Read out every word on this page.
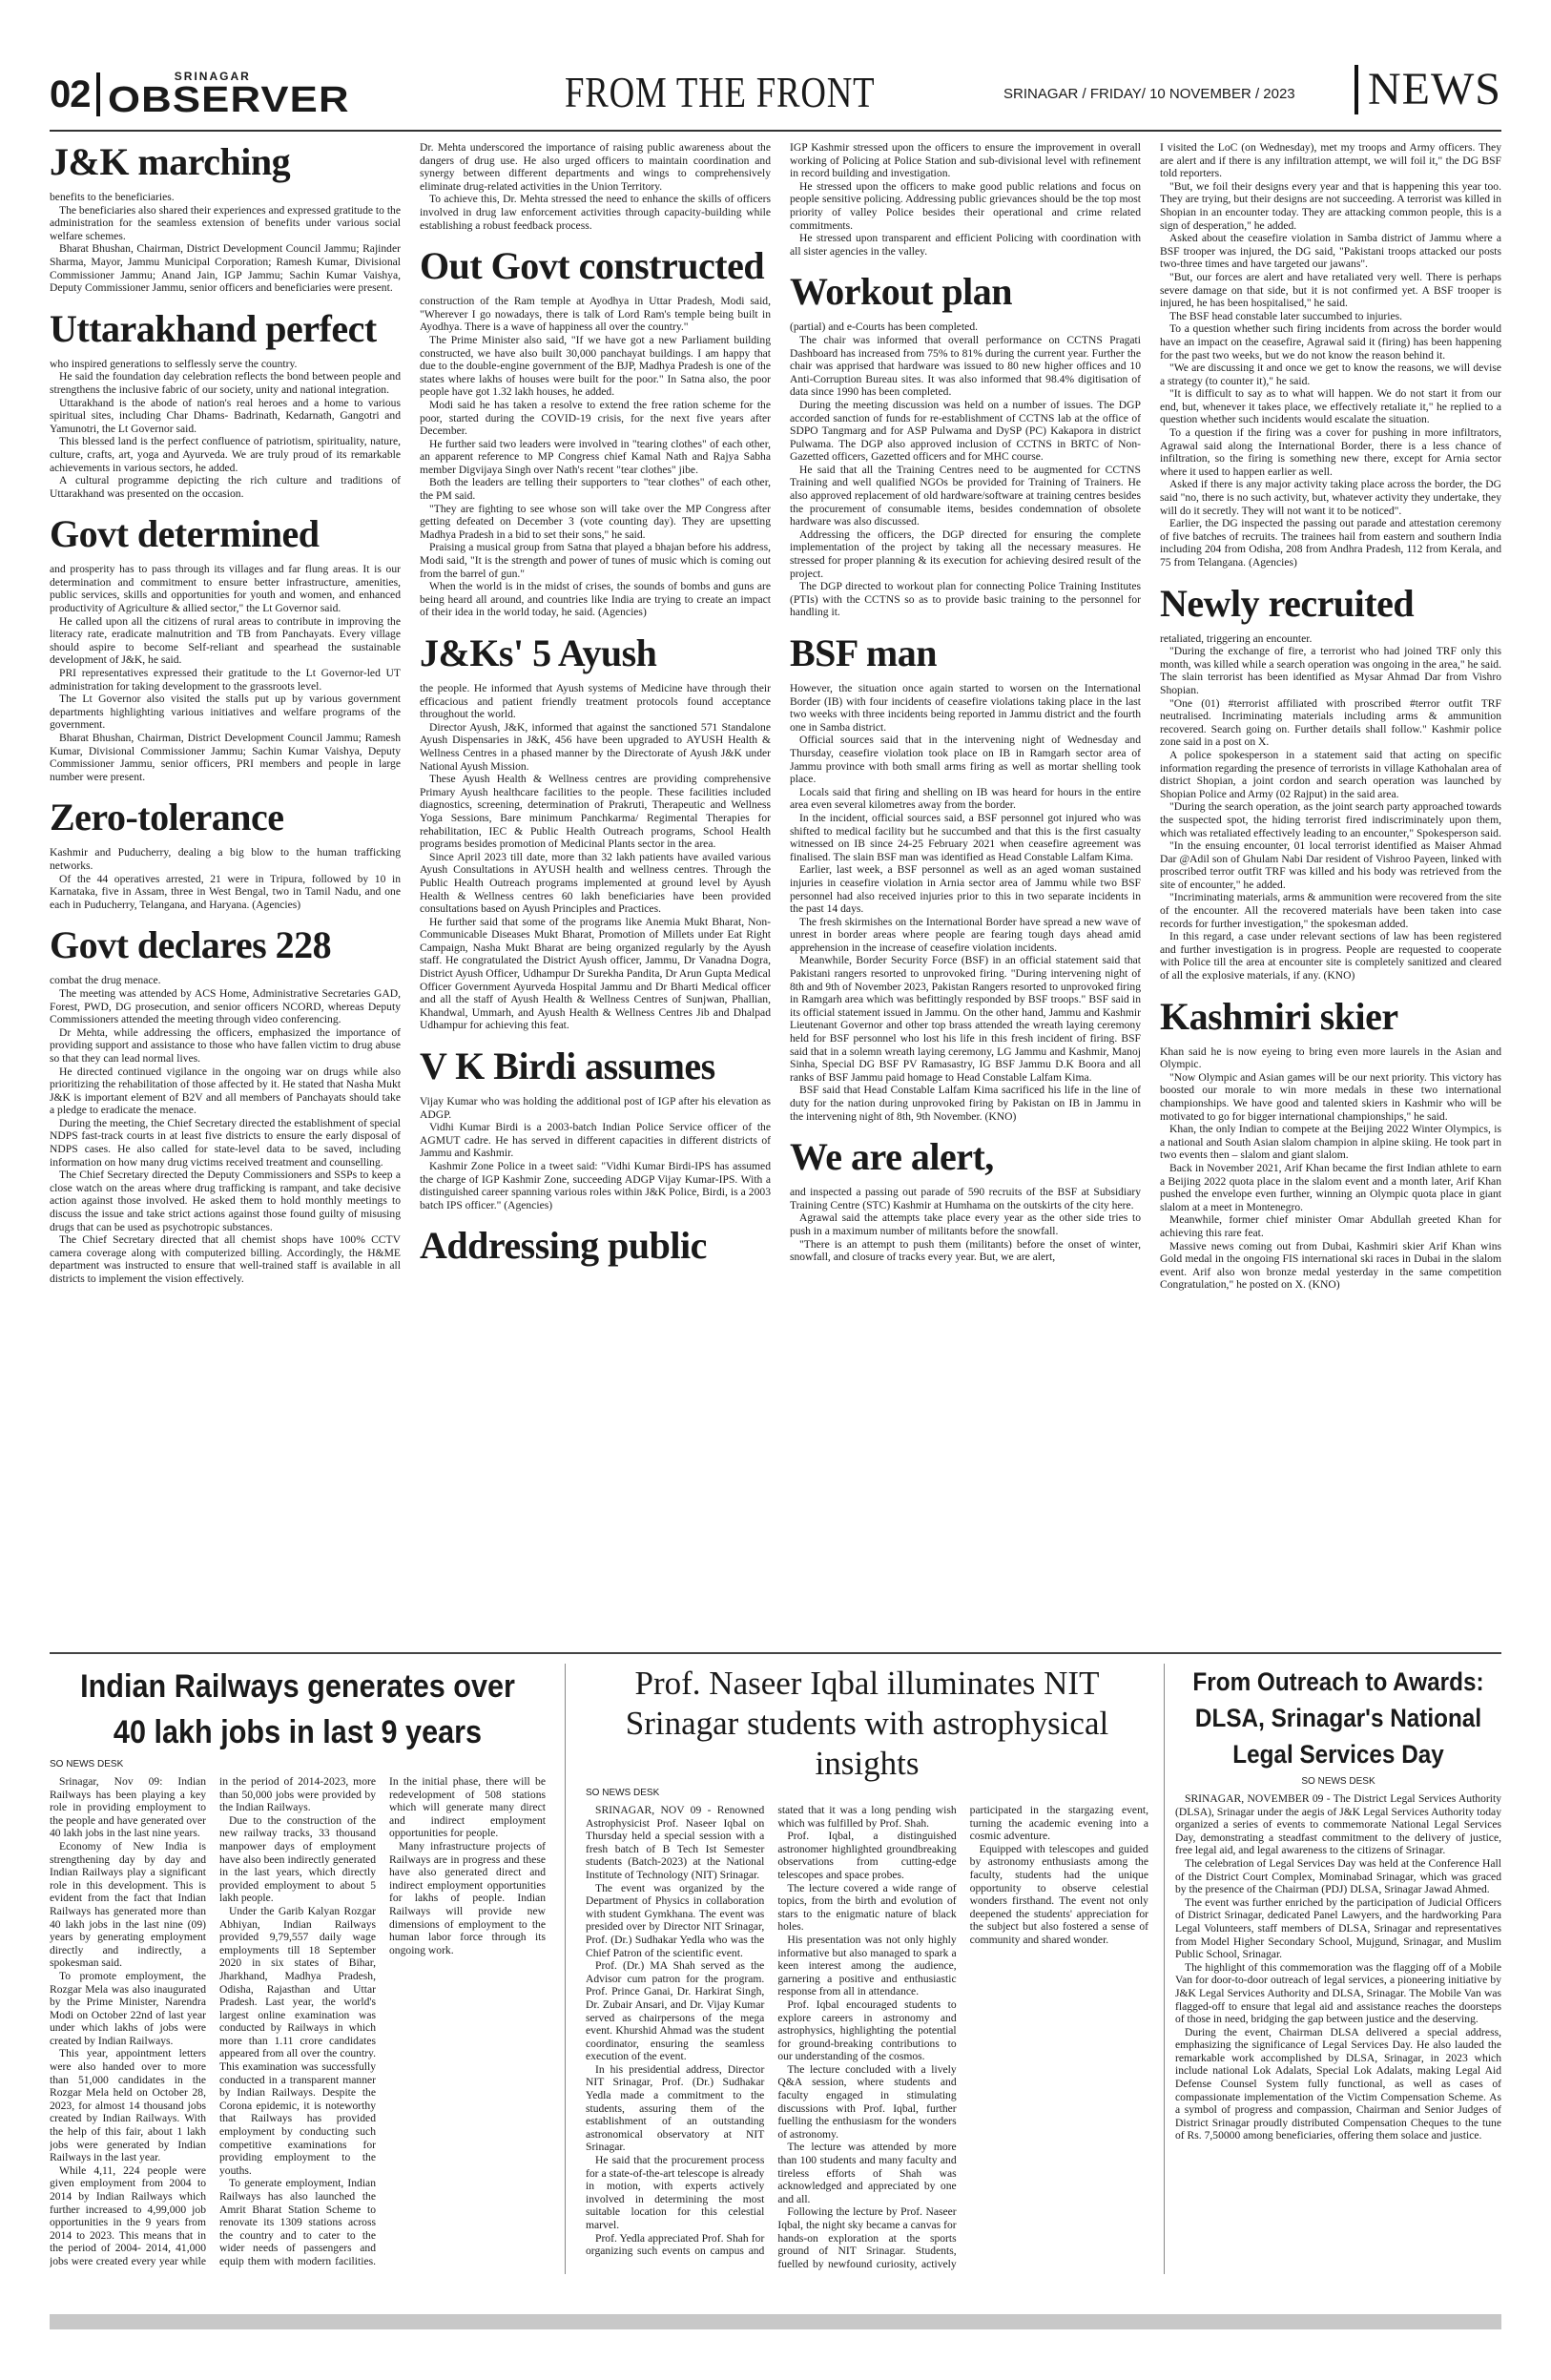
02	SRINAGAR
OBSERVER	FROM THE FRONT	SRINAGAR / FRIDAY/ 10 NOVEMBER / 2023 NEWS
J&K marching

benefits to the beneficiaries.

The beneficiaries also shared their experiences and expressed gratitude to the administration for the seamless extension of benefits under various social welfare schemes.

Bharat Bhushan, Chairman, District Development Council Jammu; Rajinder Sharma, Mayor, Jammu Municipal Corporation; Ramesh Kumar, Divisional Commissioner Jammu; Anand Jain, IGP Jammu; Sachin Kumar Vaishya, Deputy Commissioner Jammu, senior officers and beneficiaries were present.

Uttarakhand perfect

who inspired generations to selflessly serve the country.

He said the foundation day celebration reflects the bond between people and strengthens the inclusive fabric of our society, unity and national integration.

Uttarakhand is the abode of nation's real heroes and a home to various spiritual sites, including Char Dhams- Badrinath, Kedarnath, Gangotri and Yamunotri, the Lt Governor said.

This blessed land is the perfect confluence of patriotism, spirituality, nature, culture, crafts, art, yoga and Ayurveda. We are truly proud of its remarkable achievements in various sectors, he added.

A cultural programme depicting the rich culture and traditions of Uttarakhand was presented on the occasion.

Govt determined

and prosperity has to pass through its villages and far flung areas. It is our determination and commitment to ensure better infrastructure, amenities, public services, skills and opportunities for youth and women, and enhanced productivity of Agriculture & allied sector," the Lt Governor said.

He called upon all the citizens of rural areas to contribute in improving the literacy rate, eradicate malnutrition and TB from Panchayats. Every village should aspire to become Self-reliant and spearhead the sustainable development of J&K, he said.

PRI representatives expressed their gratitude to the Lt Governor-led UT administration for taking development to the grassroots level.

The Lt Governor also visited the stalls put up by various government departments highlighting various initiatives and welfare programs of the government.

Bharat Bhushan, Chairman, District Development Council Jammu; Ramesh Kumar, Divisional Commissioner Jammu; Sachin Kumar Vaishya, Deputy Commissioner Jammu, senior officers, PRI members and people in large number were present.

Zero-tolerance

Kashmir and Puducherry, dealing a big blow to the human trafficking networks.

Of the 44 operatives arrested, 21 were in Tripura, followed by 10 in Karnataka, five in Assam, three in West Bengal, two in Tamil Nadu, and one each in Puducherry, Telangana, and Haryana. (Agencies)

Govt declares 228

combat the drug menace.

The meeting was attended by ACS Home, Administrative Secretaries GAD, Forest, PWD, DG prosecution, and senior officers NCORD, whereas Deputy Commissioners attended the meeting through video conferencing.

Dr Mehta, while addressing the officers, emphasized the importance of providing support and assistance to those who have fallen victim to drug abuse so that they can lead normal lives.

He directed continued vigilance in the ongoing war on drugs while also prioritizing the rehabilitation of those affected by it. He stated that Nasha Mukt J&K is important element of B2V and all members of Panchayats should take a pledge to eradicate the menace.

During the meeting, the Chief Secretary directed the establishment of special NDPS fast-track courts in at least five districts to ensure the early disposal of NDPS cases. He also called for state-level data to be saved, including information on how many drug victims received treatment and counselling.

The Chief Secretary directed the Deputy Commissioners and SSPs to keep a close watch on the areas where drug trafficking is rampant, and take decisive action against those involved. He asked them to hold monthly meetings to discuss the issue and take strict actions against those found guilty of misusing drugs that can be used as psychotropic substances.

The Chief Secretary directed that all chemist shops have 100% CCTV camera coverage along with computerized billing. Accordingly, the H&ME department was instructed to ensure that well-trained staff is available in all districts to implement the vision effectively.

Dr. Mehta underscored the importance of raising public awareness about the dangers of drug use. He also urged officers to maintain coordination and synergy between different departments and wings to comprehensively eliminate drug-related activities in the Union Territory.

To achieve this, Dr. Mehta stressed the need to enhance the skills of officers involved in drug law enforcement activities through capacity-building while establishing a robust feedback process.

Out Govt constructed

construction of the Ram temple at Ayodhya in Uttar Pradesh, Modi said, "Wherever I go nowadays, there is talk of Lord Ram's temple being built in Ayodhya. There is a wave of happiness all over the country."

The Prime Minister also said, "If we have got a new Parliament building constructed, we have also built 30,000 panchayat buildings. I am happy that due to the double-engine government of the BJP, Madhya Pradesh is one of the states where lakhs of houses were built for the poor." In Satna also, the poor people have got 1.32 lakh houses, he added.

Modi said he has taken a resolve to extend the free ration scheme for the poor, started during the COVID-19 crisis, for the next five years after December.

He further said two leaders were involved in "tearing clothes" of each other, an apparent reference to MP Congress chief Kamal Nath and Rajya Sabha member Digvijaya Singh over Nath's recent "tear clothes" jibe.

Both the leaders are telling their supporters to "tear clothes" of each other, the PM said.

"They are fighting to see whose son will take over the MP Congress after getting defeated on December 3 (vote counting day). They are upsetting Madhya Pradesh in a bid to set their sons," he said.

Praising a musical group from Satna that played a bhajan before his address, Modi said, "It is the strength and power of tunes of music which is coming out from the barrel of gun."

When the world is in the midst of crises, the sounds of bombs and guns are being heard all around, and countries like India are trying to create an impact of their idea in the world today, he said. (Agencies)

J&Ks' 5 Ayush

the people. He informed that Ayush systems of Medicine have through their efficacious and patient friendly treatment protocols found acceptance throughout the world.

Director Ayush, J&K, informed that against the sanctioned 571 Standalone Ayush Dispensaries in J&K, 456 have been upgraded to AYUSH Health & Wellness Centres in a phased manner by the Directorate of Ayush J&K under National Ayush Mission.

These Ayush Health & Wellness centres are providing comprehensive Primary Ayush healthcare facilities to the people. These facilities included diagnostics, screening, determination of Prakruti, Therapeutic and Wellness Yoga Sessions, Bare minimum Panchkarma/ Regimental Therapies for rehabilitation, IEC & Public Health Outreach programs, School Health programs besides promotion of Medicinal Plants sector in the area.

Since April 2023 till date, more than 32 lakh patients have availed various Ayush Consultations in AYUSH health and wellness centres. Through the Public Health Outreach programs implemented at ground level by Ayush Health & Wellness centres 60 lakh beneficiaries have been provided consultations based on Ayush Principles and Practices.

He further said that some of the programs like Anemia Mukt Bharat, Non-Communicable Diseases Mukt Bharat, Promotion of Millets under Eat Right Campaign, Nasha Mukt Bharat are being organized regularly by the Ayush staff. He congratulated the District Ayush officer, Jammu, Dr Vanadna Dogra, District Ayush Officer, Udhampur Dr Surekha Pandita, Dr Arun Gupta Medical Officer Government Ayurveda Hospital Jammu and Dr Bharti Medical officer and all the staff of Ayush Health & Wellness Centres of Sunjwan, Phallian, Khandwal, Ummarh, and Ayush Health & Wellness Centres Jib and Dhalpad Udhampur for achieving this feat.

V K Birdi assumes

Vijay Kumar who was holding the additional post of IGP after his elevation as ADGP.

Vidhi Kumar Birdi is a 2003-batch Indian Police Service officer of the AGMUT cadre. He has served in different capacities in different districts of Jammu and Kashmir.

Kashmir Zone Police in a tweet said: "Vidhi Kumar Birdi-IPS has assumed the charge of IGP Kashmir Zone, succeeding ADGP Vijay Kumar-IPS. With a distinguished career spanning various roles within J&K Police, Birdi, is a 2003 batch IPS officer." (Agencies)

Addressing public

IGP Kashmir stressed upon the officers to ensure the improvement in overall working of Policing at Police Station and sub-divisional level with refinement in record building and investigation.

He stressed upon the officers to make good public relations and focus on people sensitive policing. Addressing public grievances should be the top most priority of valley Police besides their operational and crime related commitments.

He stressed upon transparent and efficient Policing with coordination with all sister agencies in the valley.

Workout plan

(partial) and e-Courts has been completed.

The chair was informed that overall performance on CCTNS Pragati Dashboard has increased from 75% to 81% during the current year. Further the chair was apprised that hardware was issued to 80 new higher offices and 10 Anti-Corruption Bureau sites. It was also informed that 98.4% digitisation of data since 1990 has been completed.

During the meeting discussion was held on a number of issues. The DGP accorded sanction of funds for re-establishment of CCTNS lab at the office of SDPO Tangmarg and for ASP Pulwama and DySP (PC) Kakapora in district Pulwama. The DGP also approved inclusion of CCTNS in BRTC of Non-Gazetted officers, Gazetted officers and for MHC course.

He said that all the Training Centres need to be augmented for CCTNS Training and well qualified NGOs be provided for Training of Trainers. He also approved replacement of old hardware/software at training centres besides the procurement of consumable items, besides condemnation of obsolete hardware was also discussed.

Addressing the officers, the DGP directed for ensuring the complete implementation of the project by taking all the necessary measures. He stressed for proper planning & its execution for achieving desired result of the project.

The DGP directed to workout plan for connecting Police Training Institutes (PTIs) with the CCTNS so as to provide basic training to the personnel for handling it.

BSF man

However, the situation once again started to worsen on the International Border (IB) with four incidents of ceasefire violations taking place in the last two weeks with three incidents being reported in Jammu district and the fourth one in Samba district.

Official sources said that in the intervening night of Wednesday and Thursday, ceasefire violation took place on IB in Ramgarh sector area of Jammu province with both small arms firing as well as mortar shelling took place.

Locals said that firing and shelling on IB was heard for hours in the entire area even several kilometres away from the border.

In the incident, official sources said, a BSF personnel got injured who was shifted to medical facility but he succumbed and that this is the first casualty witnessed on IB since 24-25 February 2021 when ceasefire agreement was finalised. The slain BSF man was identified as Head Constable Lalfam Kima.

Earlier, last week, a BSF personnel as well as an aged woman sustained injuries in ceasefire violation in Arnia sector area of Jammu while two BSF personnel had also received injuries prior to this in two separate incidents in the past 14 days.

The fresh skirmishes on the International Border have spread a new wave of unrest in border areas where people are fearing tough days ahead amid apprehension in the increase of ceasefire violation incidents.

Meanwhile, Border Security Force (BSF) in an official statement said that Pakistani rangers resorted to unprovoked firing. "During intervening night of 8th and 9th of November 2023, Pakistan Rangers resorted to unprovoked firing in Ramgarh area which was befittingly responded by BSF troops." BSF said in its official statement issued in Jammu. On the other hand, Jammu and Kashmir Lieutenant Governor and other top brass attended the wreath laying ceremony held for BSF personnel who lost his life in this fresh incident of firing. BSF said that in a solemn wreath laying ceremony, LG Jammu and Kashmir, Manoj Sinha, Special DG BSF PV Ramasastry, IG BSF Jammu D.K Boora and all ranks of BSF Jammu paid homage to Head Constable Lalfam Kima.

BSF said that Head Constable Lalfam Kima sacrificed his life in the line of duty for the nation during unprovoked firing by Pakistan on IB in Jammu in the intervening night of 8th, 9th November. (KNO)

We are alert,

and inspected a passing out parade of 590 recruits of the BSF at Subsidiary Training Centre (STC) Kashmir at Humhama on the outskirts of the city here.

Agrawal said the attempts take place every year as the other side tries to push in a maximum number of militants before the snowfall.

"There is an attempt to push them (militants) before the onset of winter, snowfall, and closure of tracks every year. But, we are alert,

I visited the LoC (on Wednesday), met my troops and Army officers. They are alert and if there is any infiltration attempt, we will foil it," the DG BSF told reporters.

"But, we foil their designs every year and that is happening this year too. They are trying, but their designs are not succeeding. A terrorist was killed in Shopian in an encounter today. They are attacking common people, this is a sign of desperation," he added.

Asked about the ceasefire violation in Samba district of Jammu where a BSF trooper was injured, the DG said, "Pakistani troops attacked our posts two-three times and have targeted our jawans".

"But, our forces are alert and have retaliated very well. There is perhaps severe damage on that side, but it is not confirmed yet. A BSF trooper is injured, he has been hospitalised," he said.

The BSF head constable later succumbed to injuries.

To a question whether such firing incidents from across the border would have an impact on the ceasefire, Agrawal said it (firing) has been happening for the past two weeks, but we do not know the reason behind it.

"We are discussing it and once we get to know the reasons, we will devise a strategy (to counter it)," he said.

"It is difficult to say as to what will happen. We do not start it from our end, but, whenever it takes place, we effectively retaliate it," he replied to a question whether such incidents would escalate the situation.

To a question if the firing was a cover for pushing in more infiltrators, Agrawal said along the International Border, there is a less chance of infiltration, so the firing is something new there, except for Arnia sector where it used to happen earlier as well.

Asked if there is any major activity taking place across the border, the DG said "no, there is no such activity, but, whatever activity they undertake, they will do it secretly. They will not want it to be noticed".

Earlier, the DG inspected the passing out parade and attestation ceremony of five batches of recruits. The trainees hail from eastern and southern India including 204 from Odisha, 208 from Andhra Pradesh, 112 from Kerala, and 75 from Telangana. (Agencies)

Newly recruited

retaliated, triggering an encounter.

"During the exchange of fire, a terrorist who had joined TRF only this month, was killed while a search operation was ongoing in the area," he said. The slain terrorist has been identified as Mysar Ahmad Dar from Vishro Shopian.

"One (01) #terrorist affiliated with proscribed #terror outfit TRF neutralised. Incriminating materials including arms & ammunition recovered. Search going on. Further details shall follow." Kashmir police zone said in a post on X.

A police spokesperson in a statement said that acting on specific information regarding the presence of terrorists in village Kathohalan area of district Shopian, a joint cordon and search operation was launched by Shopian Police and Army (02 Rajput) in the said area.

"During the search operation, as the joint search party approached towards the suspected spot, the hiding terrorist fired indiscriminately upon them, which was retaliated effectively leading to an encounter," Spokesperson said.

"In the ensuing encounter, 01 local terrorist identified as Maiser Ahmad Dar @Adil son of Ghulam Nabi Dar resident of Vishroo Payeen, linked with proscribed terror outfit TRF was killed and his body was retrieved from the site of encounter," he added.

"Incriminating materials, arms & ammunition were recovered from the site of the encounter. All the recovered materials have been taken into case records for further investigation," the spokesman added.

In this regard, a case under relevant sections of law has been registered and further investigation is in progress. People are requested to cooperate with Police till the area at encounter site is completely sanitized and cleared of all the explosive materials, if any. (KNO)

Kashmiri skier

Khan said he is now eyeing to bring even more laurels in the Asian and Olympic.

"Now Olympic and Asian games will be our next priority. This victory has boosted our morale to win more medals in these two international championships. We have good and talented skiers in Kashmir who will be motivated to go for bigger international championships," he said.

Khan, the only Indian to compete at the Beijing 2022 Winter Olympics, is a national and South Asian slalom champion in alpine skiing. He took part in two events then – slalom and giant slalom.

Back in November 2021, Arif Khan became the first Indian athlete to earn a Beijing 2022 quota place in the slalom event and a month later, Arif Khan pushed the envelope even further, winning an Olympic quota place in giant slalom at a meet in Montenegro.

Meanwhile, former chief minister Omar Abdullah greeted Khan for achieving this rare feat.

Massive news coming out from Dubai, Kashmiri skier Arif Khan wins Gold medal in the ongoing FIS international ski races in Dubai in the slalom event. Arif also won bronze medal yesterday in the same competition Congratulation," he posted on X. (KNO)

Indian Railways generates over 40 lakh jobs in last 9 years
SO NEWS DESK

Srinagar, Nov 09: Indian Railways has been playing a key role in providing employment to the people and have generated over 40 lakh jobs in the last nine years.

Economy of New India is strengthening day by day and Indian Railways play a significant role in this development. This is evident from the fact that Indian Railways has generated more than 40 lakh jobs in the last nine (09) years by generating employment directly and indirectly, a spokesman said.

To promote employment, the Rozgar Mela was also inaugurated by the Prime Minister, Narendra Modi on October 22nd of last year under which lakhs of jobs were created by Indian Railways.

This year, appointment letters were also handed over to more than 51,000 candidates in the Rozgar Mela held on October 28, 2023, for almost 14 thousand jobs created by Indian Railways. With the help of this fair, about 1 lakh jobs were generated by Indian Railways in the last year.

While 4,11, 224 people were given employment from 2004 to 2014 by Indian Railways which further increased to 4,99,000 job opportunities in the 9 years from 2014 to 2023. This means that in the period of 2004- 2014, 41,000 jobs were created every year while in the period of 2014-2023, more than 50,000 jobs were provided by the Indian Railways.

Due to the construction of the new railway tracks, 33 thousand manpower days of employment have also been indirectly generated in the last years, which directly provided employment to about 5 lakh people.

Under the Garib Kalyan Rozgar Abhiyan, Indian Railways provided 9,79,557 daily wage employments till 18 September 2020 in six states of Bihar, Jharkhand, Madhya Pradesh, Odisha, Rajasthan and Uttar Pradesh. Last year, the world's largest online examination was conducted by Railways in which more than 1.11 crore candidates appeared from all over the country. This examination was successfully conducted in a transparent manner by Indian Railways. Despite the Corona epidemic, it is noteworthy that Railways has provided employment by conducting such competitive examinations for providing employment to the youths.

To generate employment, Indian Railways has also launched the Amrit Bharat Station Scheme to renovate its 1309 stations across the country and to cater to the wider needs of passengers and equip them with modern facilities. In the initial phase, there will be redevelopment of 508 stations which will generate many direct and indirect employment opportunities for people.

Many infrastructure projects of Railways are in progress and these have also generated direct and indirect employment opportunities for lakhs of people. Indian Railways will provide new dimensions of employment to the human labor force through its ongoing work.

Prof. Naseer Iqbal illuminates NIT Srinagar students with astrophysical insights
SO NEWS DESK

SRINAGAR, NOV 09 - Renowned Astrophysicist Prof. Naseer Iqbal on Thursday held a special session with a fresh batch of B Tech Ist Semester students (Batch-2023) at the National Institute of Technology (NIT) Srinagar.

The event was organized by the Department of Physics in collaboration with student Gymkhana. The event was presided over by Director NIT Srinagar, Prof. (Dr.) Sudhakar Yedla who was the Chief Patron of the scientific event.

Prof. (Dr.) MA Shah served as the Advisor cum patron for the program. Prof. Prince Ganai, Dr. Harkirat Singh, Dr. Zubair Ansari, and Dr. Vijay Kumar served as chairpersons of the mega event. Khurshid Ahmad was the student coordinator, ensuring the seamless execution of the event.

In his presidential address, Director NIT Srinagar, Prof. (Dr.) Sudhakar Yedla made a commitment to the students, assuring them of the establishment of an outstanding astronomical observatory at NIT Srinagar.

He said that the procurement process for a state-of-the-art telescope is already in motion, with experts actively involved in determining the most suitable location for this celestial marvel.

Prof. Yedla appreciated Prof. Shah for organizing such events on campus and stated that it was a long pending wish which was fulfilled by Prof. Shah.

Prof. Iqbal, a distinguished astronomer highlighted groundbreaking observations from cutting-edge telescopes and space probes.

The lecture covered a wide range of topics, from the birth and evolution of stars to the enigmatic nature of black holes.

His presentation was not only highly informative but also managed to spark a keen interest among the audience, garnering a positive and enthusiastic response from all in attendance.

Prof. Iqbal encouraged students to explore careers in astronomy and astrophysics, highlighting the potential for ground-breaking contributions to our understanding of the cosmos.

The lecture concluded with a lively Q&A session, where students and faculty engaged in stimulating discussions with Prof. Iqbal, further fuelling the enthusiasm for the wonders of astronomy.

The lecture was attended by more than 100 students and many faculty and tireless efforts of Shah was acknowledged and appreciated by one and all.

Following the lecture by Prof. Naseer Iqbal, the night sky became a canvas for hands-on exploration at the sports ground of NIT Srinagar. Students, fuelled by newfound curiosity, actively participated in the stargazing event, turning the academic evening into a cosmic adventure.

Equipped with telescopes and guided by astronomy enthusiasts among the faculty, students had the unique opportunity to observe celestial wonders firsthand. The event not only deepened the students' appreciation for the subject but also fostered a sense of community and shared wonder.

From Outreach to Awards: DLSA, Srinagar's National Legal Services Day
SO NEWS DESK

SRINAGAR, NOVEMBER 09 - The District Legal Services Authority (DLSA), Srinagar under the aegis of J&K Legal Services Authority today organized a series of events to commemorate National Legal Services Day, demonstrating a steadfast commitment to the delivery of justice, free legal aid, and legal awareness to the citizens of Srinagar.

The celebration of Legal Services Day was held at the Conference Hall of the District Court Complex, Mominabad Srinagar, which was graced by the presence of the Chairman (PDJ) DLSA, Srinagar Jawad Ahmed.

The event was further enriched by the participation of Judicial Officers of District Srinagar, dedicated Panel Lawyers, and the hardworking Para Legal Volunteers, staff members of DLSA, Srinagar and representatives from Model Higher Secondary School, Mujgund, Srinagar, and Muslim Public School, Srinagar.

The highlight of this commemoration was the flagging off of a Mobile Van for door-to-door outreach of legal services, a pioneering initiative by J&K Legal Services Authority and DLSA, Srinagar. The Mobile Van was flagged-off to ensure that legal aid and assistance reaches the doorsteps of those in need, bridging the gap between justice and the deserving.

During the event, Chairman DLSA delivered a special address, emphasizing the significance of Legal Services Day. He also lauded the remarkable work accomplished by DLSA, Srinagar, in 2023 which include national Lok Adalats, Special Lok Adalats, making Legal Aid Defense Counsel System fully functional, as well as cases of compassionate implementation of the Victim Compensation Scheme. As a symbol of progress and compassion, Chairman and Senior Judges of District Srinagar proudly distributed Compensation Cheques to the tune of Rs. 7,50000 among beneficiaries, offering them solace and justice.
